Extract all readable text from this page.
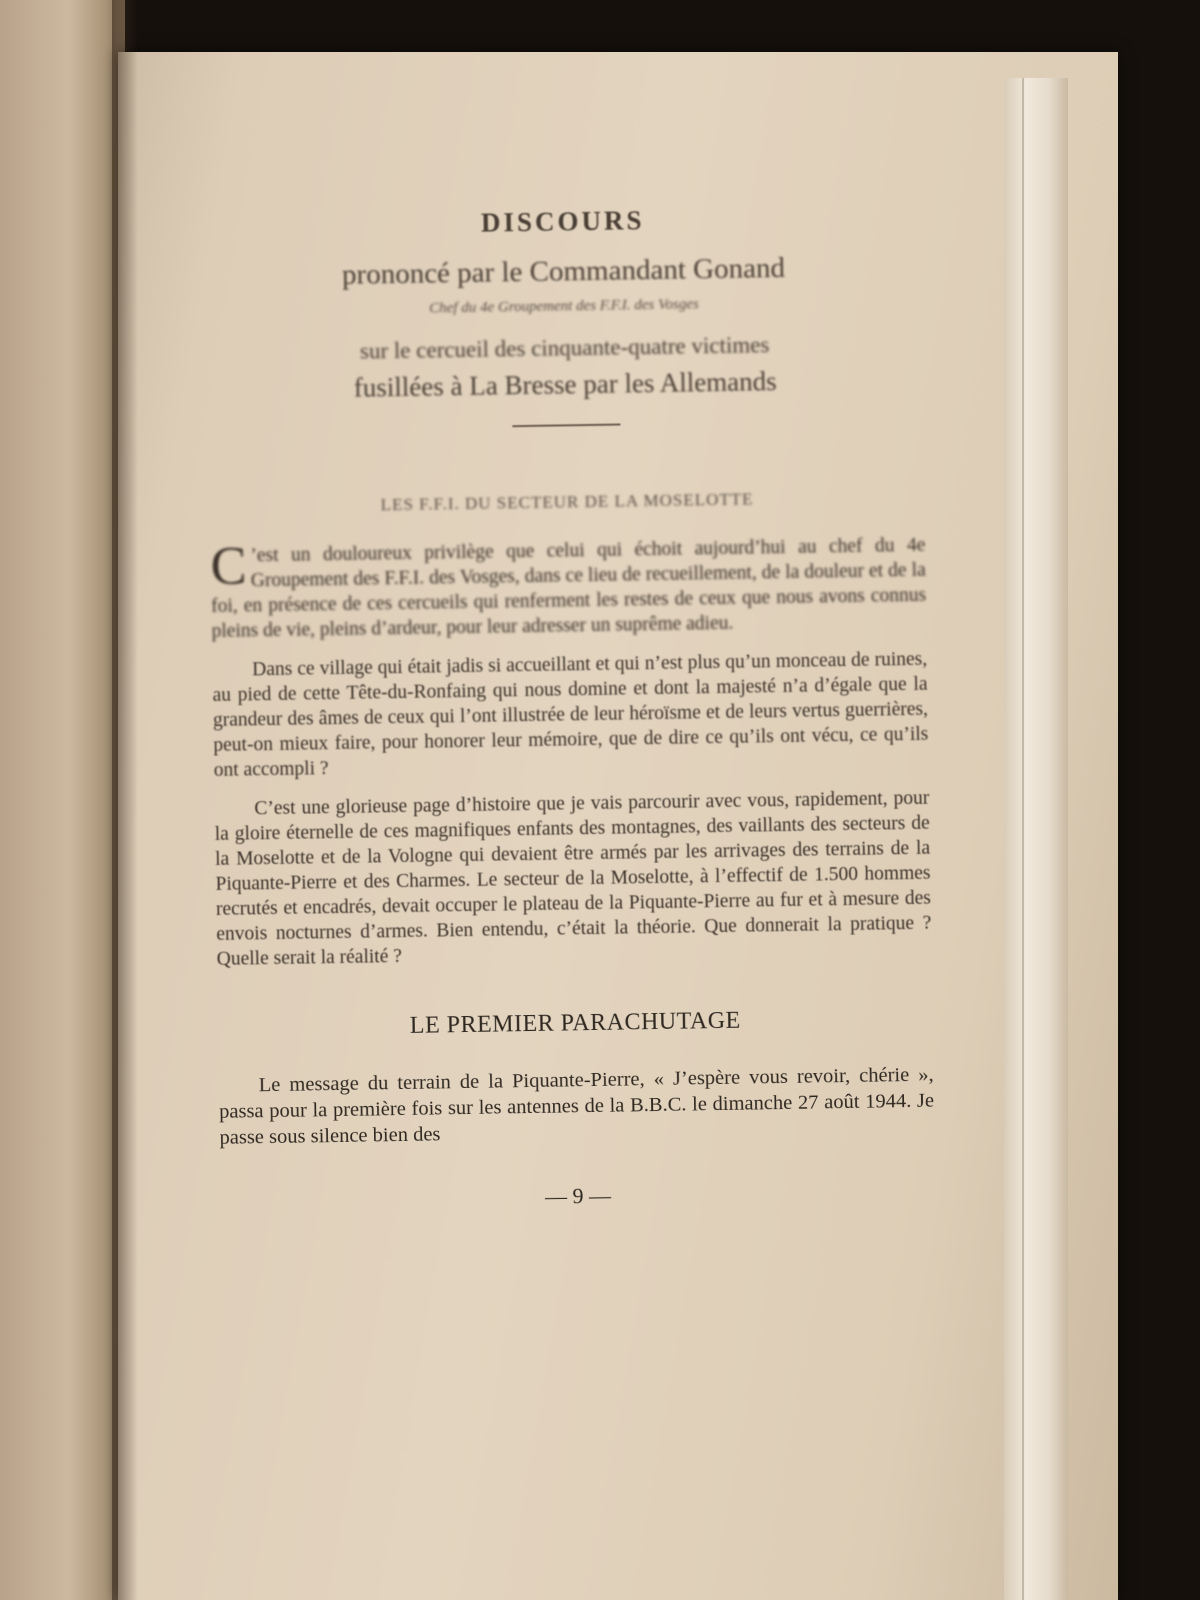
DISCOURS
prononcé par le Commandant Gonand
Chef du 4e Groupement des F.F.I. des Vosges
sur le cercueil des cinquante-quatre victimes
fusillées à La Bresse par les Allemands
LES F.F.I. DU SECTEUR DE LA MOSELOTTE

C ’est un douloureux privilège que celui qui échoit aujourd’hui au chef du 4e Groupement des F.F.I. des Vosges, dans ce lieu de recueillement, de la douleur et de la foi, en présence de ces cercueils qui renferment les restes de ceux que nous avons connus pleins de vie, pleins d’ardeur, pour leur adresser un suprême adieu.

Dans ce village qui était jadis si accueillant et qui n’est plus qu’un monceau de ruines, au pied de cette Tête-du-Ronfaing qui nous domine et dont la majesté n’a d’égale que la grandeur des âmes de ceux qui l’ont illustrée de leur héroïsme et de leurs vertus guerrières, peut-on mieux faire, pour honorer leur mémoire, que de dire ce qu’ils ont vécu, ce qu’ils ont accompli ?

C’est une glorieuse page d’histoire que je vais parcourir avec vous, rapidement, pour la gloire éternelle de ces magnifiques enfants des montagnes, des vaillants des secteurs de la Moselotte et de la Vologne qui devaient être armés par les arrivages des terrains de la Piquante-Pierre et des Charmes. Le secteur de la Moselotte, à l’effectif de 1.500 hommes recrutés et encadrés, devait occuper le plateau de la Piquante-Pierre au fur et à mesure des envois nocturnes d’armes. Bien entendu, c’était la théorie. Que donnerait la pratique ? Quelle serait la réalité ?

LE PREMIER PARACHUTAGE

Le message du terrain de la Piquante-Pierre, « J’espère vous revoir, chérie », passa pour la première fois sur les antennes de la B.B.C. le dimanche 27 août 1944. Je passe sous silence bien des

— 9 —
